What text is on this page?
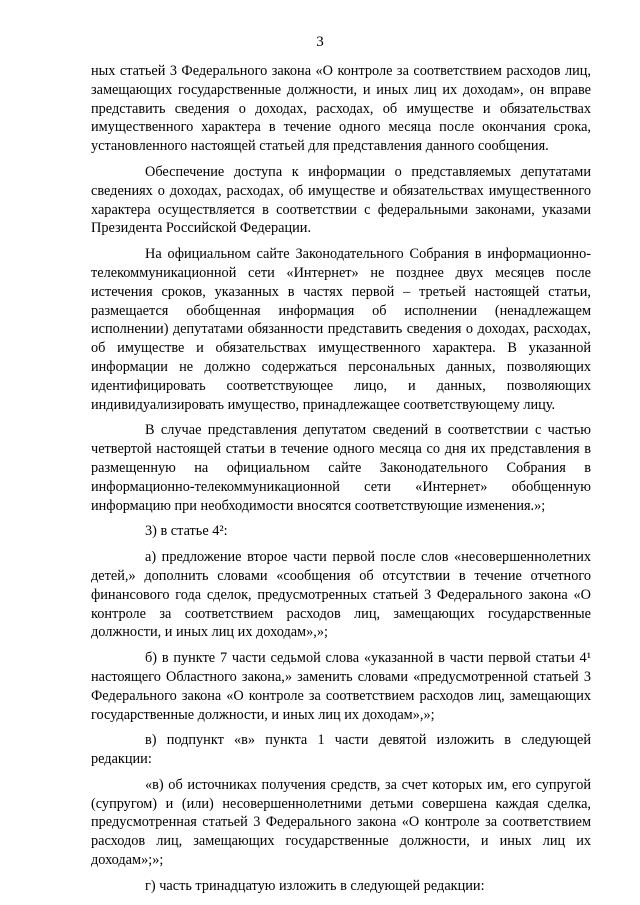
3

ных статьей 3 Федерального закона «О контроле за соответствием расходов лиц, замещающих государственные должности, и иных лиц их доходам», он вправе представить сведения о доходах, расходах, об имуществе и обязательствах имущественного характера в течение одного месяца после окончания срока, установленного настоящей статьей для представления данного сообщения.

Обеспечение доступа к информации о представляемых депутатами сведениях о доходах, расходах, об имуществе и обязательствах имущественного характера осуществляется в соответствии с федеральными законами, указами Президента Российской Федерации.

На официальном сайте Законодательного Собрания в информационно-телекоммуникационной сети «Интернет» не позднее двух месяцев после истечения сроков, указанных в частях первой – третьей настоящей статьи, размещается обобщенная информация об исполнении (ненадлежащем исполнении) депутатами обязанности представить сведения о доходах, расходах, об имуществе и обязательствах имущественного характера. В указанной информации не должно содержаться персональных данных, позволяющих идентифицировать соответствующее лицо, и данных, позволяющих индивидуализировать имущество, принадлежащее соответствующему лицу.

В случае представления депутатом сведений в соответствии с частью четвертой настоящей статьи в течение одного месяца со дня их представления в размещенную на официальном сайте Законодательного Собрания в информационно-телекоммуникационной сети «Интернет» обобщенную информацию при необходимости вносятся соответствующие изменения.»;

3) в статье 4²:

а) предложение второе части первой после слов «несовершеннолетних детей,» дополнить словами «сообщения об отсутствии в течение отчетного финансового года сделок, предусмотренных статьей 3 Федерального закона «О контроле за соответствием расходов лиц, замещающих государственные должности, и иных лиц их доходам»,»;

б) в пункте 7 части седьмой слова «указанной в части первой статьи 4¹ настоящего Областного закона,» заменить словами «предусмотренной статьей 3 Федерального закона «О контроле за соответствием расходов лиц, замещающих государственные должности, и иных лиц их доходам»,»;

в) подпункт «в» пункта 1 части девятой изложить в следующей редакции:

«в) об источниках получения средств, за счет которых им, его супругой (супругом) и (или) несовершеннолетними детьми совершена каждая сделка, предусмотренная статьей 3 Федерального закона «О контроле за соответствием расходов лиц, замещающих государственные должности, и иных лиц их доходам»;»;

г) часть тринадцатую изложить в следующей редакции:
